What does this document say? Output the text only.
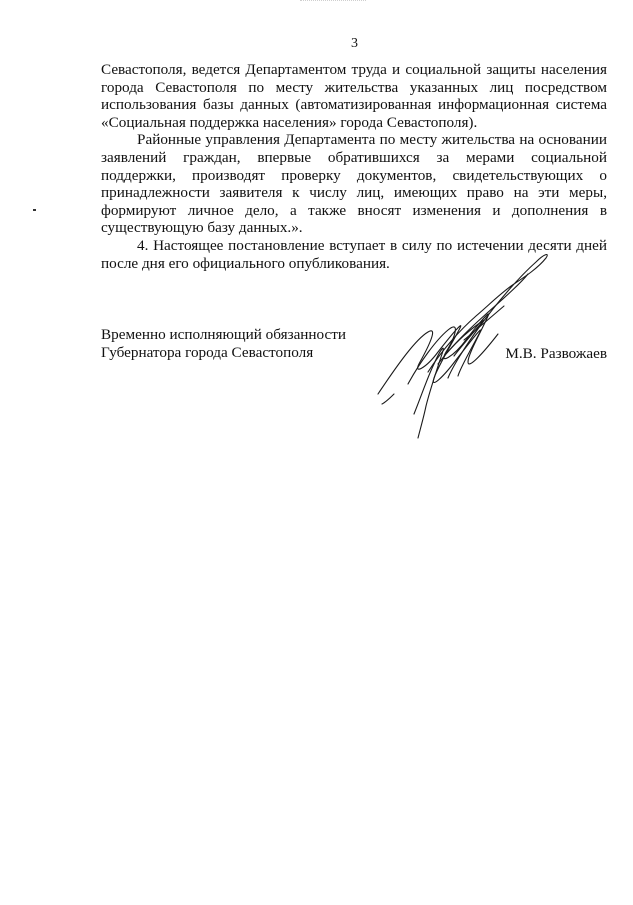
3

Севастополя, ведется Департаментом труда и социальной защиты населения города Севастополя по месту жительства указанных лиц посредством использования базы данных (автоматизированная информационная система «Социальная поддержка населения» города Севастополя).

Районные управления Департамента по месту жительства на основании заявлений граждан, впервые обратившихся за мерами социальной поддержки, производят проверку документов, свидетельствующих о принадлежности заявителя к числу лиц, имеющих право на эти меры, формируют личное дело, а также вносят изменения и дополнения в существующую базу данных.».

4. Настоящее постановление вступает в силу по истечении десяти дней после дня его официального опубликования.

Временно исполняющий обязанности
Губернатора города Севастополя	М.В. Развожаев
